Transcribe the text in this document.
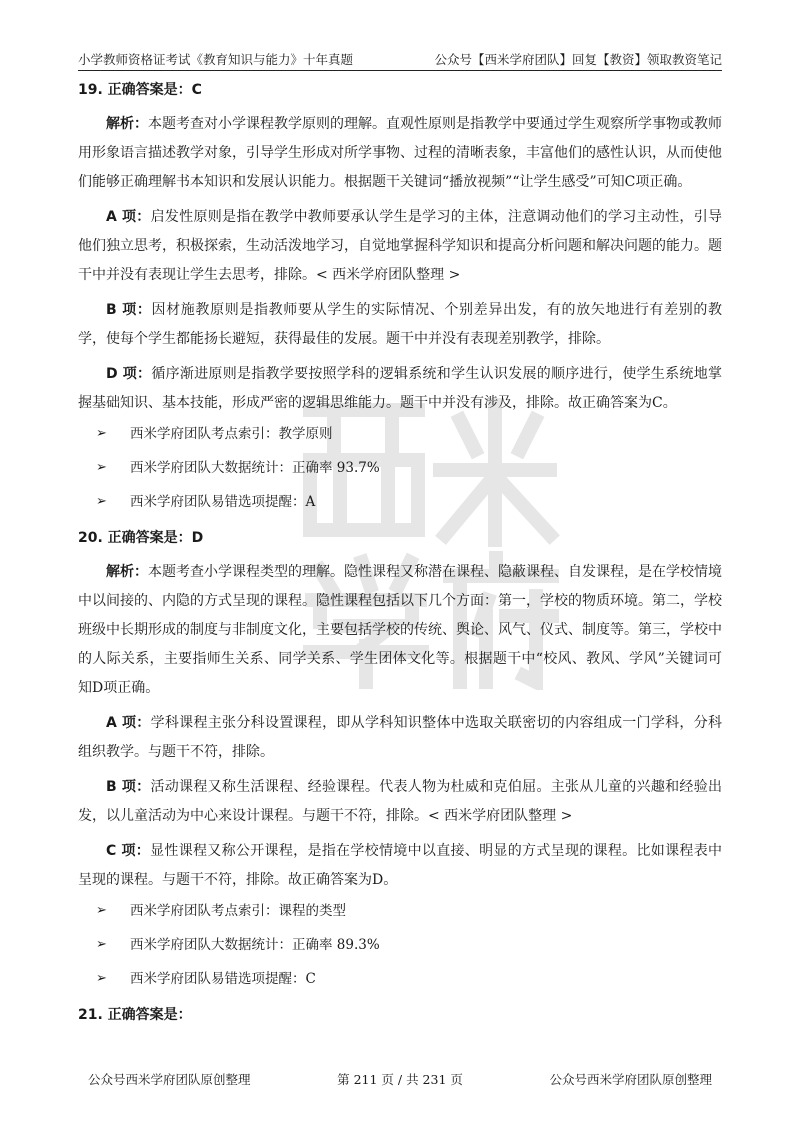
小学教师资格证考试《教育知识与能力》十年真题	公众号【西米学府团队】回复【教资】领取教资笔记
19. 正确答案是：C

解析：本题考查对小学课程教学原则的理解。直观性原则是指教学中要通过学生观察所学事物或教师用形象语言描述教学对象，引导学生形成对所学事物、过程的清晰表象，丰富他们的感性认识，从而使他们能够正确理解书本知识和发展认识能力。根据题干关键词“播放视频”“让学生感受”可知C项正确。

A 项：启发性原则是指在教学中教师要承认学生是学习的主体，注意调动他们的学习主动性，引导他们独立思考，积极探索，生动活泼地学习，自觉地掌握科学知识和提高分析问题和解决问题的能力。题干中并没有表现让学生去思考，排除。< 西米学府团队整理 >

B 项：因材施教原则是指教师要从学生的实际情况、个别差异出发，有的放矢地进行有差别的教学，使每个学生都能扬长避短，获得最佳的发展。题干中并没有表现差别教学，排除。

D 项：循序渐进原则是指教学要按照学科的逻辑系统和学生认识发展的顺序进行，使学生系统地掌握基础知识、基本技能，形成严密的逻辑思维能力。题干中并没有涉及，排除。故正确答案为C。

➢ 西米学府团队考点索引：教学原则
➢ 西米学府团队大数据统计：正确率 93.7%
➢ 西米学府团队易错选项提醒：A
20. 正确答案是：D

解析：本题考查小学课程类型的理解。隐性课程又称潜在课程、隐蔽课程、自发课程，是在学校情境中以间接的、内隐的方式呈现的课程。隐性课程包括以下几个方面：第一，学校的物质环境。第二，学校班级中长期形成的制度与非制度文化，主要包括学校的传统、舆论、风气、仪式、制度等。第三，学校中的人际关系，主要指师生关系、同学关系、学生团体文化等。根据题干中“校风、教风、学风”关键词可知D项正确。

A 项：学科课程主张分科设置课程，即从学科知识整体中选取关联密切的内容组成一门学科，分科组织教学。与题干不符，排除。

B 项：活动课程又称生活课程、经验课程。代表人物为杜威和克伯屈。主张从儿童的兴趣和经验出发，以儿童活动为中心来设计课程。与题干不符，排除。< 西米学府团队整理 >

C 项：显性课程又称公开课程，是指在学校情境中以直接、明显的方式呈现的课程。比如课程表中呈现的课程。与题干不符，排除。故正确答案为D。

➢ 西米学府团队考点索引：课程的类型
➢ 西米学府团队大数据统计：正确率 89.3%
➢ 西米学府团队易错选项提醒：C
21. 正确答案是：
公众号西米学府团队原创整理	第 211 页 / 共 231 页	公众号西米学府团队原创整理
